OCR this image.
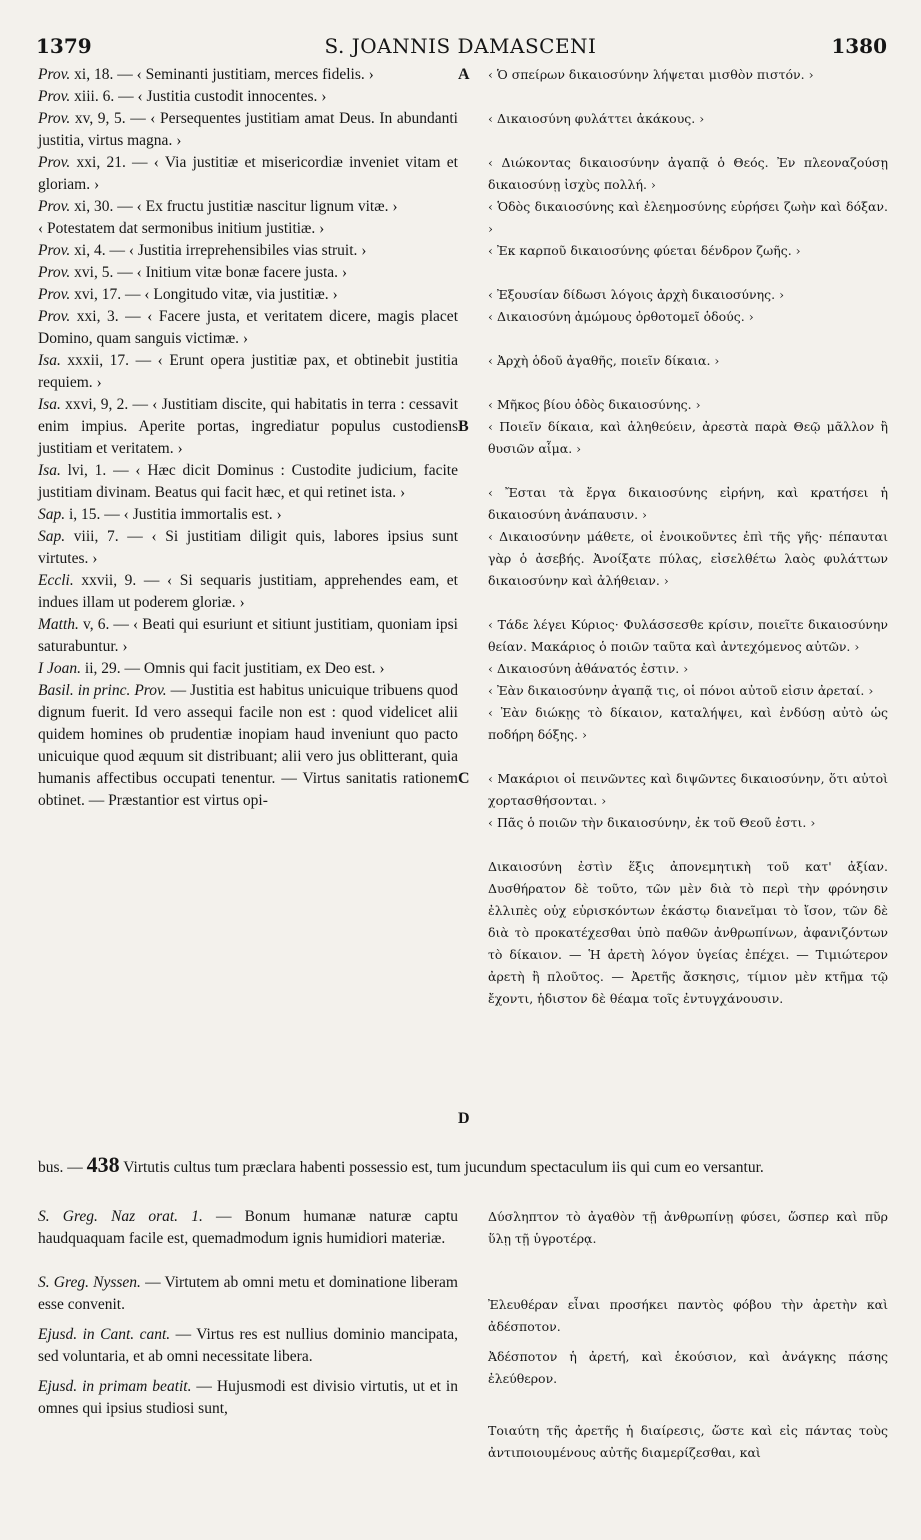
1379	S. JOANNIS DAMASCENI	1380
A
B
C
D

Prov. xi, 18. — ‹ Seminanti justitiam, merces fidelis. ›

Prov. xiii. 6. — ‹ Justitia custodit innocentes. ›

Prov. xv, 9, 5. — ‹ Persequentes justitiam amat Deus. In abundanti justitia, virtus magna. ›

Prov. xxi, 21. — ‹ Via justitiæ et misericordiæ inveniet vitam et gloriam. ›

Prov. xi, 30. — ‹ Ex fructu justitiæ nascitur lignum vitæ. ›

‹ Potestatem dat sermonibus initium justitiæ. ›

Prov. xi, 4. — ‹ Justitia irreprehensibiles vias struit. ›

Prov. xvi, 5. — ‹ Initium vitæ bonæ facere justa. ›

Prov. xvi, 17. — ‹ Longitudo vitæ, via justitiæ. ›

Prov. xxi, 3. — ‹ Facere justa, et veritatem dicere, magis placet Domino, quam sanguis victimæ. ›

Isa. xxxii, 17. — ‹ Erunt opera justitiæ pax, et obtinebit justitia requiem. ›

Isa. xxvi, 9, 2. — ‹ Justitiam discite, qui habitatis in terra : cessavit enim impius. Aperite portas, ingrediatur populus custodiens justitiam et veritatem. ›

Isa. lvi, 1. — ‹ Hæc dicit Dominus : Custodite judicium, facite justitiam divinam. Beatus qui facit hæc, et qui retinet ista. ›

Sap. i, 15. — ‹ Justitia immortalis est. ›

Sap. viii, 7. — ‹ Si justitiam diligit quis, labores ipsius sunt virtutes. ›

Eccli. xxvii, 9. — ‹ Si sequaris justitiam, apprehendes eam, et indues illam ut poderem gloriæ. ›

Matth. v, 6. — ‹ Beati qui esuriunt et sitiunt justitiam, quoniam ipsi saturabuntur. ›

I Joan. ii, 29. — Omnis qui facit justitiam, ex Deo est. ›

Basil. in princ. Prov. — Justitia est habitus unicuique tribuens quod dignum fuerit. Id vero assequi facile non est : quod videlicet alii quidem homines ob prudentiæ inopiam haud inveniunt quo pacto unicuique quod æquum sit distribuant; alii vero jus oblitterant, quia humanis affectibus occupati tenentur. — Virtus sanitatis rationem obtinet. — Præstantior est virtus opi-

‹ Ὁ σπείρων δικαιοσύνην λήψεται μισθὸν πιστόν. ›

‹ Δικαιοσύνη φυλάττει ἀκάκους. ›

‹ Διώκοντας δικαιοσύνην ἀγαπᾷ ὁ Θεός. Ἐν πλεοναζούσῃ δικαιοσύνῃ ἰσχὺς πολλή. ›

‹ Ὁδὸς δικαιοσύνης καὶ ἐλεημοσύνης εὑρήσει ζωὴν καὶ δόξαν. ›

‹ Ἐκ καρποῦ δικαιοσύνης φύεται δένδρον ζωῆς. ›

‹ Ἐξουσίαν δίδωσι λόγοις ἀρχὴ δικαιοσύνης. ›

‹ Δικαιοσύνη ἀμώμους ὀρθοτομεῖ ὁδούς. ›

‹ Ἀρχὴ ὁδοῦ ἀγαθῆς, ποιεῖν δίκαια. ›

‹ Μῆκος βίου ὁδὸς δικαιοσύνης. ›

‹ Ποιεῖν δίκαια, καὶ ἀληθεύειν, ἀρεστὰ παρὰ Θεῷ μᾶλλον ἢ θυσιῶν αἷμα. ›

‹ Ἔσται τὰ ἔργα δικαιοσύνης εἰρήνη, καὶ κρατήσει ἡ δικαιοσύνη ἀνάπαυσιν. ›

‹ Δικαιοσύνην μάθετε, οἱ ἐνοικοῦντες ἐπὶ τῆς γῆς· πέπαυται γὰρ ὁ ἀσεβής. Ἀνοίξατε πύλας, εἰσελθέτω λαὸς φυλάττων δικαιοσύνην καὶ ἀλήθειαν. ›

‹ Τάδε λέγει Κύριος· Φυλάσσεσθε κρίσιν, ποιεῖτε δικαιοσύνην θείαν. Μακάριος ὁ ποιῶν ταῦτα καὶ ἀντεχόμενος αὐτῶν. ›

‹ Δικαιοσύνη ἀθάνατός ἐστιν. ›

‹ Ἐὰν δικαιοσύνην ἀγαπᾷ τις, οἱ πόνοι αὐτοῦ εἰσιν ἀρεταί. ›

‹ Ἐὰν διώκῃς τὸ δίκαιον, καταλήψει, καὶ ἐνδύσῃ αὐτὸ ὡς ποδήρη δόξης. ›

‹ Μακάριοι οἱ πεινῶντες καὶ διψῶντες δικαιοσύνην, ὅτι αὐτοὶ χορτασθήσονται. ›

‹ Πᾶς ὁ ποιῶν τὴν δικαιοσύνην, ἐκ τοῦ Θεοῦ ἐστι. ›

Δικαιοσύνη ἐστὶν ἕξις ἀπονεμητικὴ τοῦ κατ' ἀξίαν. Δυσθήρατον δὲ τοῦτο, τῶν μὲν διὰ τὸ περὶ τὴν φρόνησιν ἐλλιπὲς οὐχ εὑρισκόντων ἑκάστῳ διανεῖμαι τὸ ἴσον, τῶν δὲ διὰ τὸ προκατέχεσθαι ὑπὸ παθῶν ἀνθρωπίνων, ἀφανιζόντων τὸ δίκαιον. — Ἡ ἀρετὴ λόγον ὑγείας ἐπέχει. — Τιμιώτερον ἀρετὴ ἢ πλοῦτος. — Ἀρετῆς ἄσκησις, τίμιον μὲν κτῆμα τῷ ἔχοντι, ἡδιστον δὲ θέαμα τοῖς ἐντυγχάνουσιν.

bus. — 438 Virtutis cultus tum præclara habenti possessio est, tum jucundum spectaculum iis qui cum eo versantur.

S. Greg. Naz orat. 1. — Bonum humanæ naturæ captu haudquaquam facile est, quemadmodum ignis humidiori materiæ.

S. Greg. Nyssen. — Virtutem ab omni metu et dominatione liberam esse convenit.

Ejusd. in Cant. cant. — Virtus res est nullius dominio mancipata, sed voluntaria, et ab omni necessitate libera.

Ejusd. in primam beatit. — Hujusmodi est divisio virtutis, ut et in omnes qui ipsius studiosi sunt,

Δύσληπτον τὸ ἀγαθὸν τῇ ἀνθρωπίνῃ φύσει, ὥσπερ καὶ πῦρ ὕλῃ τῇ ὑγροτέρᾳ.

Ἐλευθέραν εἶναι προσήκει παντὸς φόβου τὴν ἀρετὴν καὶ ἀδέσποτον.

Ἀδέσποτον ἡ ἀρετή, καὶ ἑκούσιον, καὶ ἀνάγκης πάσης ἐλεύθερον.

Τοιαύτη τῆς ἀρετῆς ἡ διαίρεσις, ὥστε καὶ εἰς πάντας τοὺς ἀντιποιουμένους αὐτῆς διαμερίζεσθαι, καὶ
